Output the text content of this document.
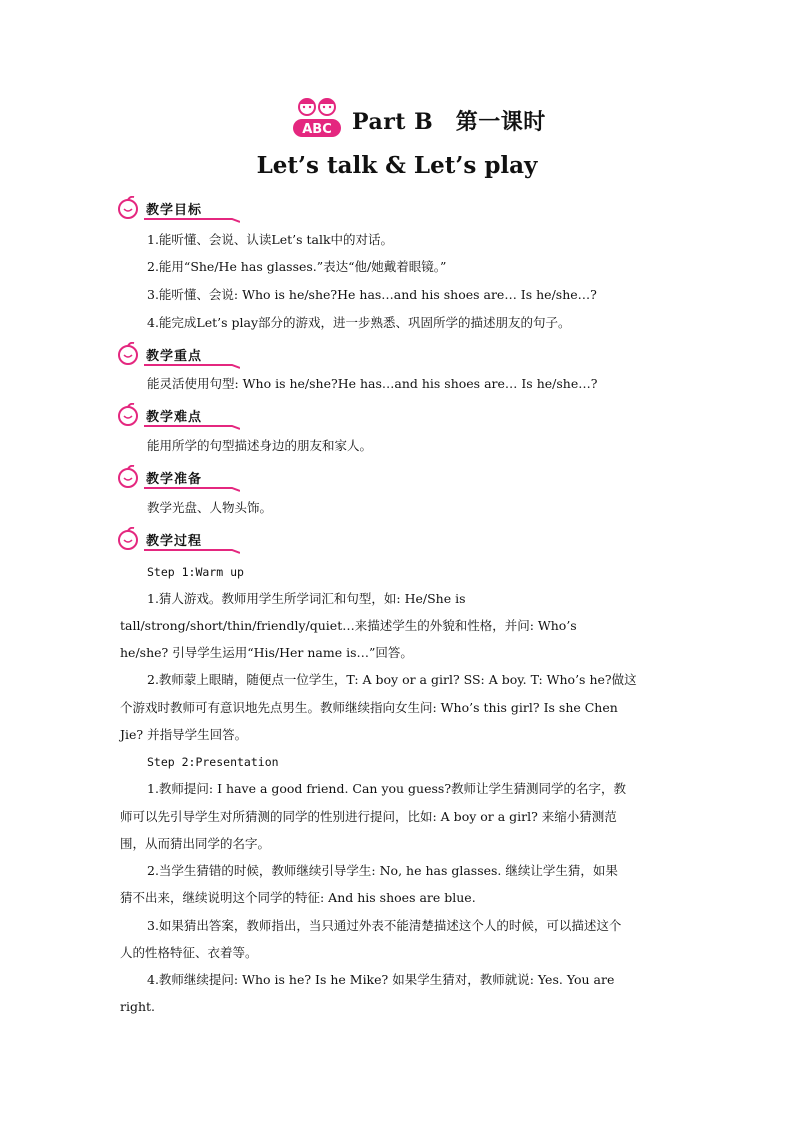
ABC Part B　第一课时
Let’s talk & Let’s play
教学目标
1.能听懂、会说、认读Let’s talk中的对话。
2.能用“She/He has glasses.”表达“他/她戴着眼镜。”
3.能听懂、会说: Who is he/she?He has…and his shoes are… Is he/she…?
4.能完成Let’s play部分的游戏，进一步熟悉、巩固所学的描述朋友的句子。
教学重点
能灵活使用句型: Who is he/she?He has…and his shoes are… Is he/she…?
教学难点
能用所学的句型描述身边的朋友和家人。
教学准备
教学光盘、人物头饰。
教学过程
Step 1:Warm up
1.猜人游戏。教师用学生所学词汇和句型，如: He/She is
tall/strong/short/thin/friendly/quiet…来描述学生的外貌和性格，并问: Who’s
he/she? 引导学生运用“His/Her name is…”回答。
2.教师蒙上眼睛，随便点一位学生，T: A boy or a girl? SS: A boy. T: Who’s he?做这
个游戏时教师可有意识地先点男生。教师继续指向女生问: Who’s this girl? Is she Chen
Jie? 并指导学生回答。
Step 2:Presentation
1.教师提问: I have a good friend. Can you guess?教师让学生猜测同学的名字，教
师可以先引导学生对所猜测的同学的性别进行提问，比如: A boy or a girl? 来缩小猜测范
围，从而猜出同学的名字。
2.当学生猜错的时候，教师继续引导学生: No, he has glasses. 继续让学生猜，如果
猜不出来，继续说明这个同学的特征: And his shoes are blue.
3.如果猜出答案，教师指出，当只通过外表不能清楚描述这个人的时候，可以描述这个
人的性格特征、衣着等。
4.教师继续提问: Who is he? Is he Mike? 如果学生猜对，教师就说: Yes. You are
right.
